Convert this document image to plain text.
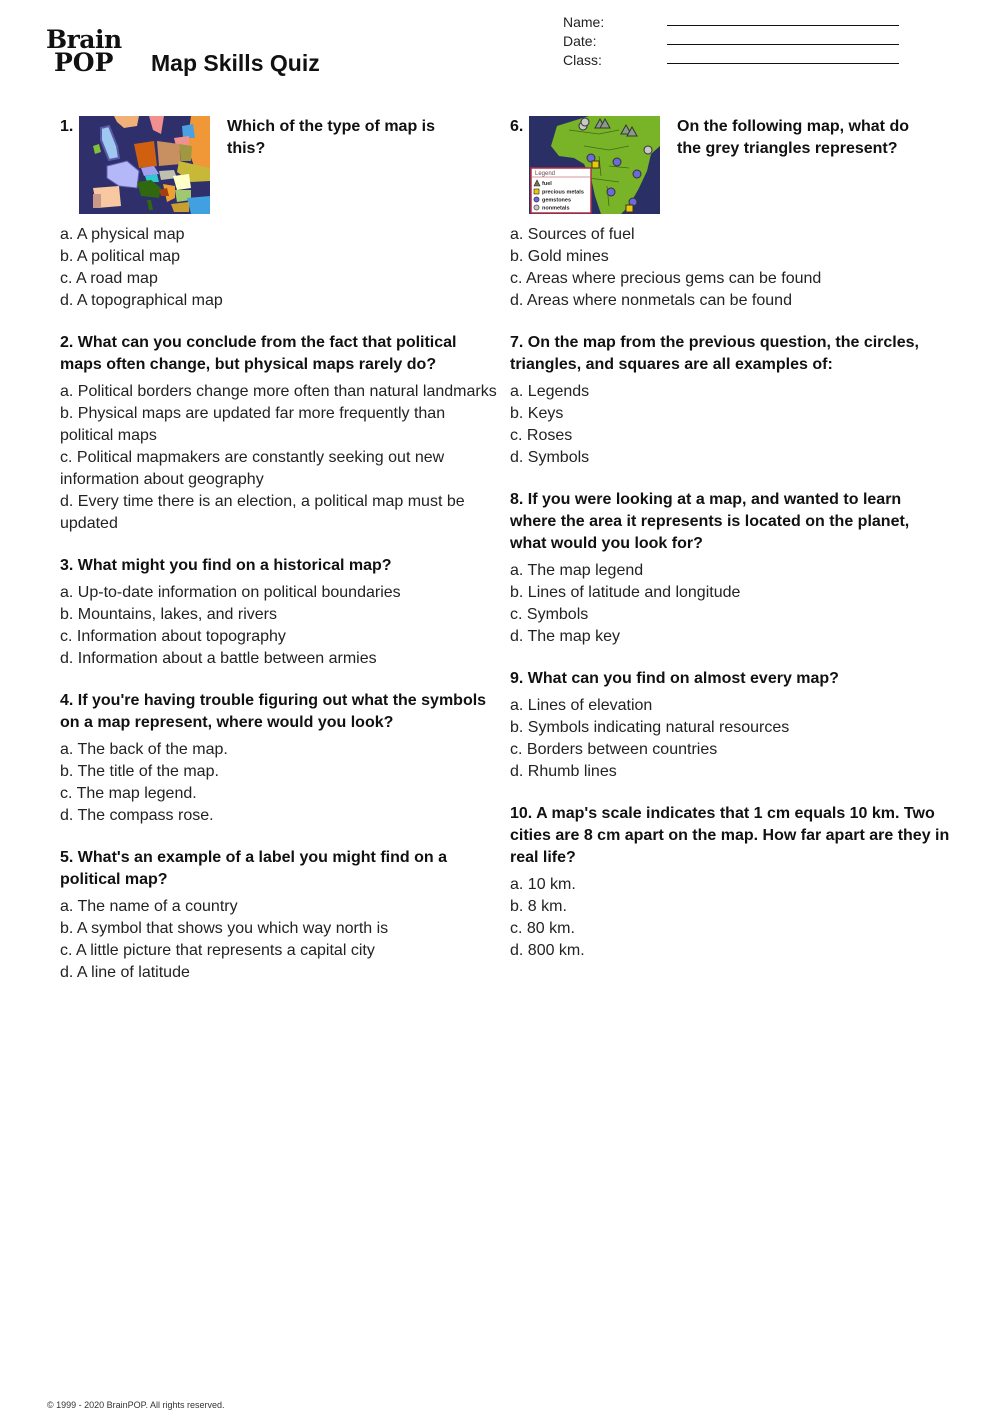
Brain
POP	Map Skills Quiz
Name:
Date:
Class:
1.	Which of the type of map is this?
a. A physical map
b. A political map
c. A road map
d. A topographical map
2. What can you conclude from the fact that political maps often change, but physical maps rarely do?
a. Political borders change more often than natural landmarks
b. Physical maps are updated far more frequently than political maps
c. Political mapmakers are constantly seeking out new information about geography
d. Every time there is an election, a political map must be updated
3. What might you find on a historical map?
a. Up-to-date information on political boundaries
b. Mountains, lakes, and rivers
c. Information about topography
d. Information about a battle between armies
4. If you're having trouble figuring out what the symbols on a map represent, where would you look?
a. The back of the map.
b. The title of the map.
c. The map legend.
d. The compass rose.
5. What's an example of a label you might find on a political map?
a. The name of a country
b. A symbol that shows you which way north is
c. A little picture that represents a capital city
d. A line of latitude
6.
Legend
fuel
precious metals
gemstones
nonmetals
On the following map, what do the grey triangles represent?
a. Sources of fuel
b. Gold mines
c. Areas where precious gems can be found
d. Areas where nonmetals can be found
7. On the map from the previous question, the circles, triangles, and squares are all examples of:
a. Legends
b. Keys
c. Roses
d. Symbols
8. If you were looking at a map, and wanted to learn where the area it represents is located on the planet, what would you look for?
a. The map legend
b. Lines of latitude and longitude
c. Symbols
d. The map key
9. What can you find on almost every map?
a. Lines of elevation
b. Symbols indicating natural resources
c. Borders between countries
d. Rhumb lines
10. A map's scale indicates that 1 cm equals 10 km. Two cities are 8 cm apart on the map. How far apart are they in real life?
a. 10 km.
b. 8 km.
c. 80 km.
d. 800 km.
© 1999 - 2020 BrainPOP. All rights reserved.
